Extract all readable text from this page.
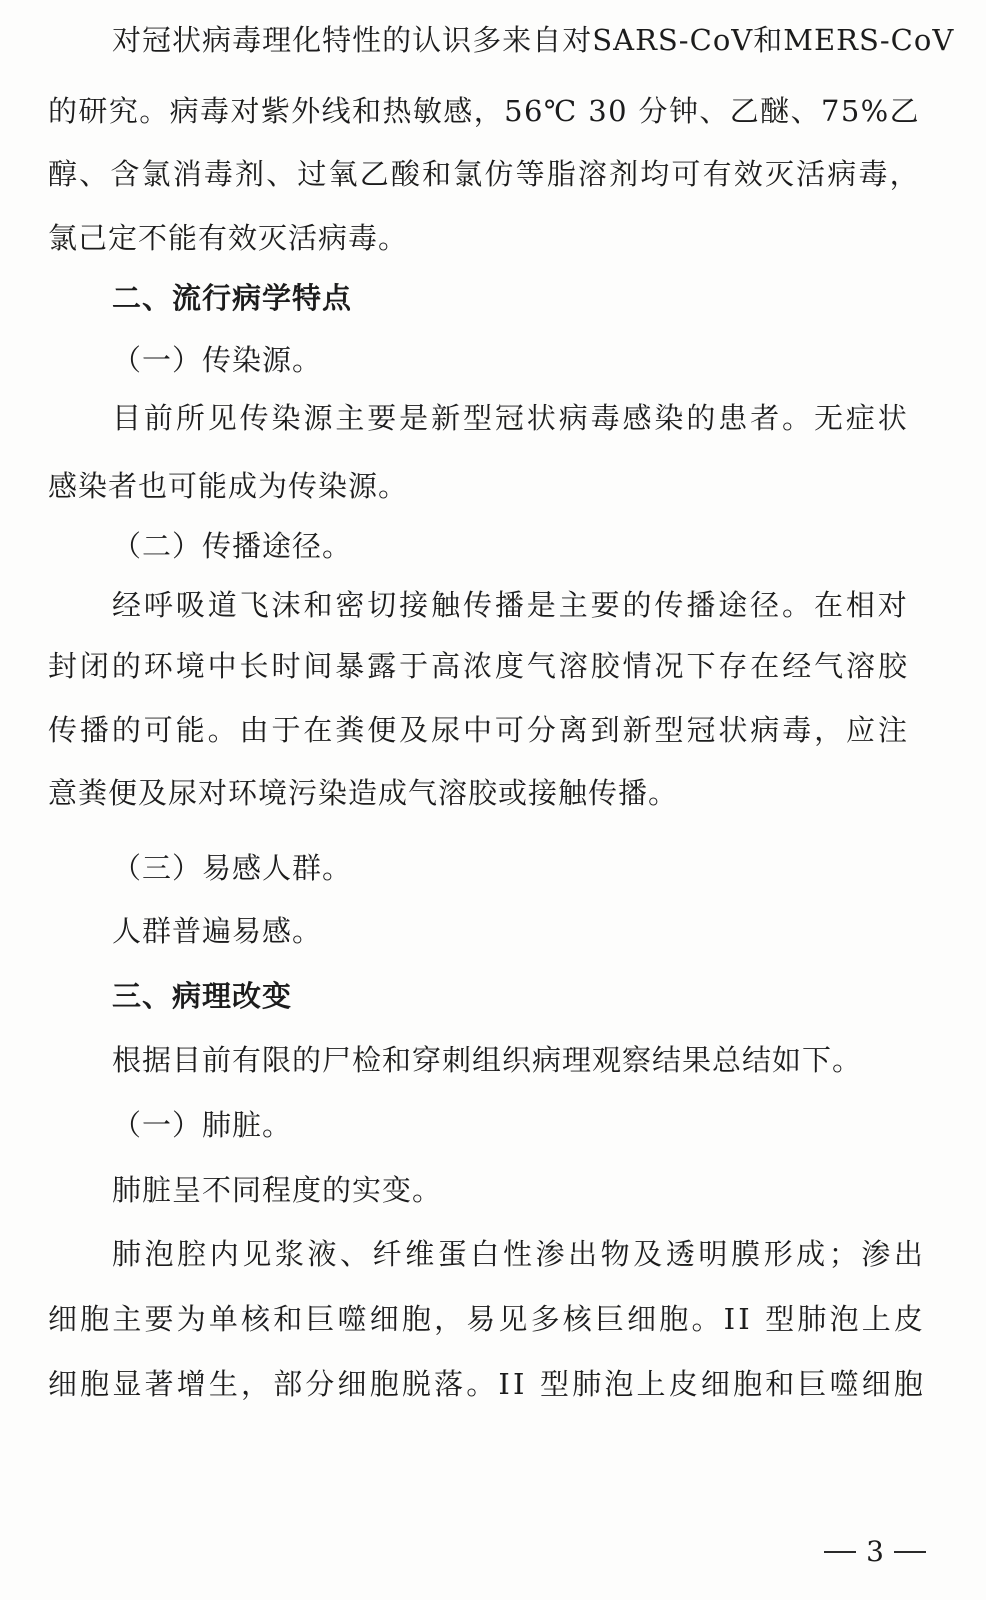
对 冠 状 病 毒 理 化 特 性 的 认 识 多 来 自 对 S A R S - C o V 和 M E R S - C o V
的 研 究 。 病 毒 对 紫 外 线 和 热 敏 感 ， 5 6 ℃
3 0
分 钟 、 乙 醚 、 7 5 % 乙
醇 、 含 氯 消 毒 剂 、 过 氧 乙 酸 和 氯 仿 等 脂 溶 剂 均 可 有 效 灭 活 病 毒 ，
氯己定不能有效灭活病毒。
二、流行病学特点
（一）传染源。
目 前 所 见 传 染 源 主 要 是 新 型 冠 状 病 毒 感 染 的 患 者 。 无 症 状
感染者也可能成为传染源。
（二）传播途径。
经 呼 吸 道 飞 沫 和 密 切 接 触 传 播 是 主 要 的 传 播 途 径 。 在 相 对
封 闭 的 环 境 中 长 时 间 暴 露 于 高 浓 度 气 溶 胶 情 况 下 存 在 经 气 溶 胶
传 播 的 可 能 。 由 于 在 粪 便 及 尿 中 可 分 离 到 新 型 冠 状 病 毒 ， 应 注
意粪便及尿对环境污染造成气溶胶或接触传播。
（三）易感人群。
人群普遍易感。
三、病理改变
根据目前有限的尸检和穿刺组织病理观察结果总结如下。
（一）肺脏。
肺脏呈不同程度的实变。
肺 泡 腔 内 见 浆 液 、 纤 维 蛋 白 性 渗 出 物 及 透 明 膜 形 成 ； 渗 出
细 胞 主 要 为 单 核 和 巨 噬 细 胞 ， 易 见 多 核 巨 细 胞 。 I I
型 肺 泡 上 皮
细 胞 显 著 增 生 ， 部 分 细 胞 脱 落 。 I I
型 肺 泡 上 皮 细 胞 和 巨 噬 细 胞
3
